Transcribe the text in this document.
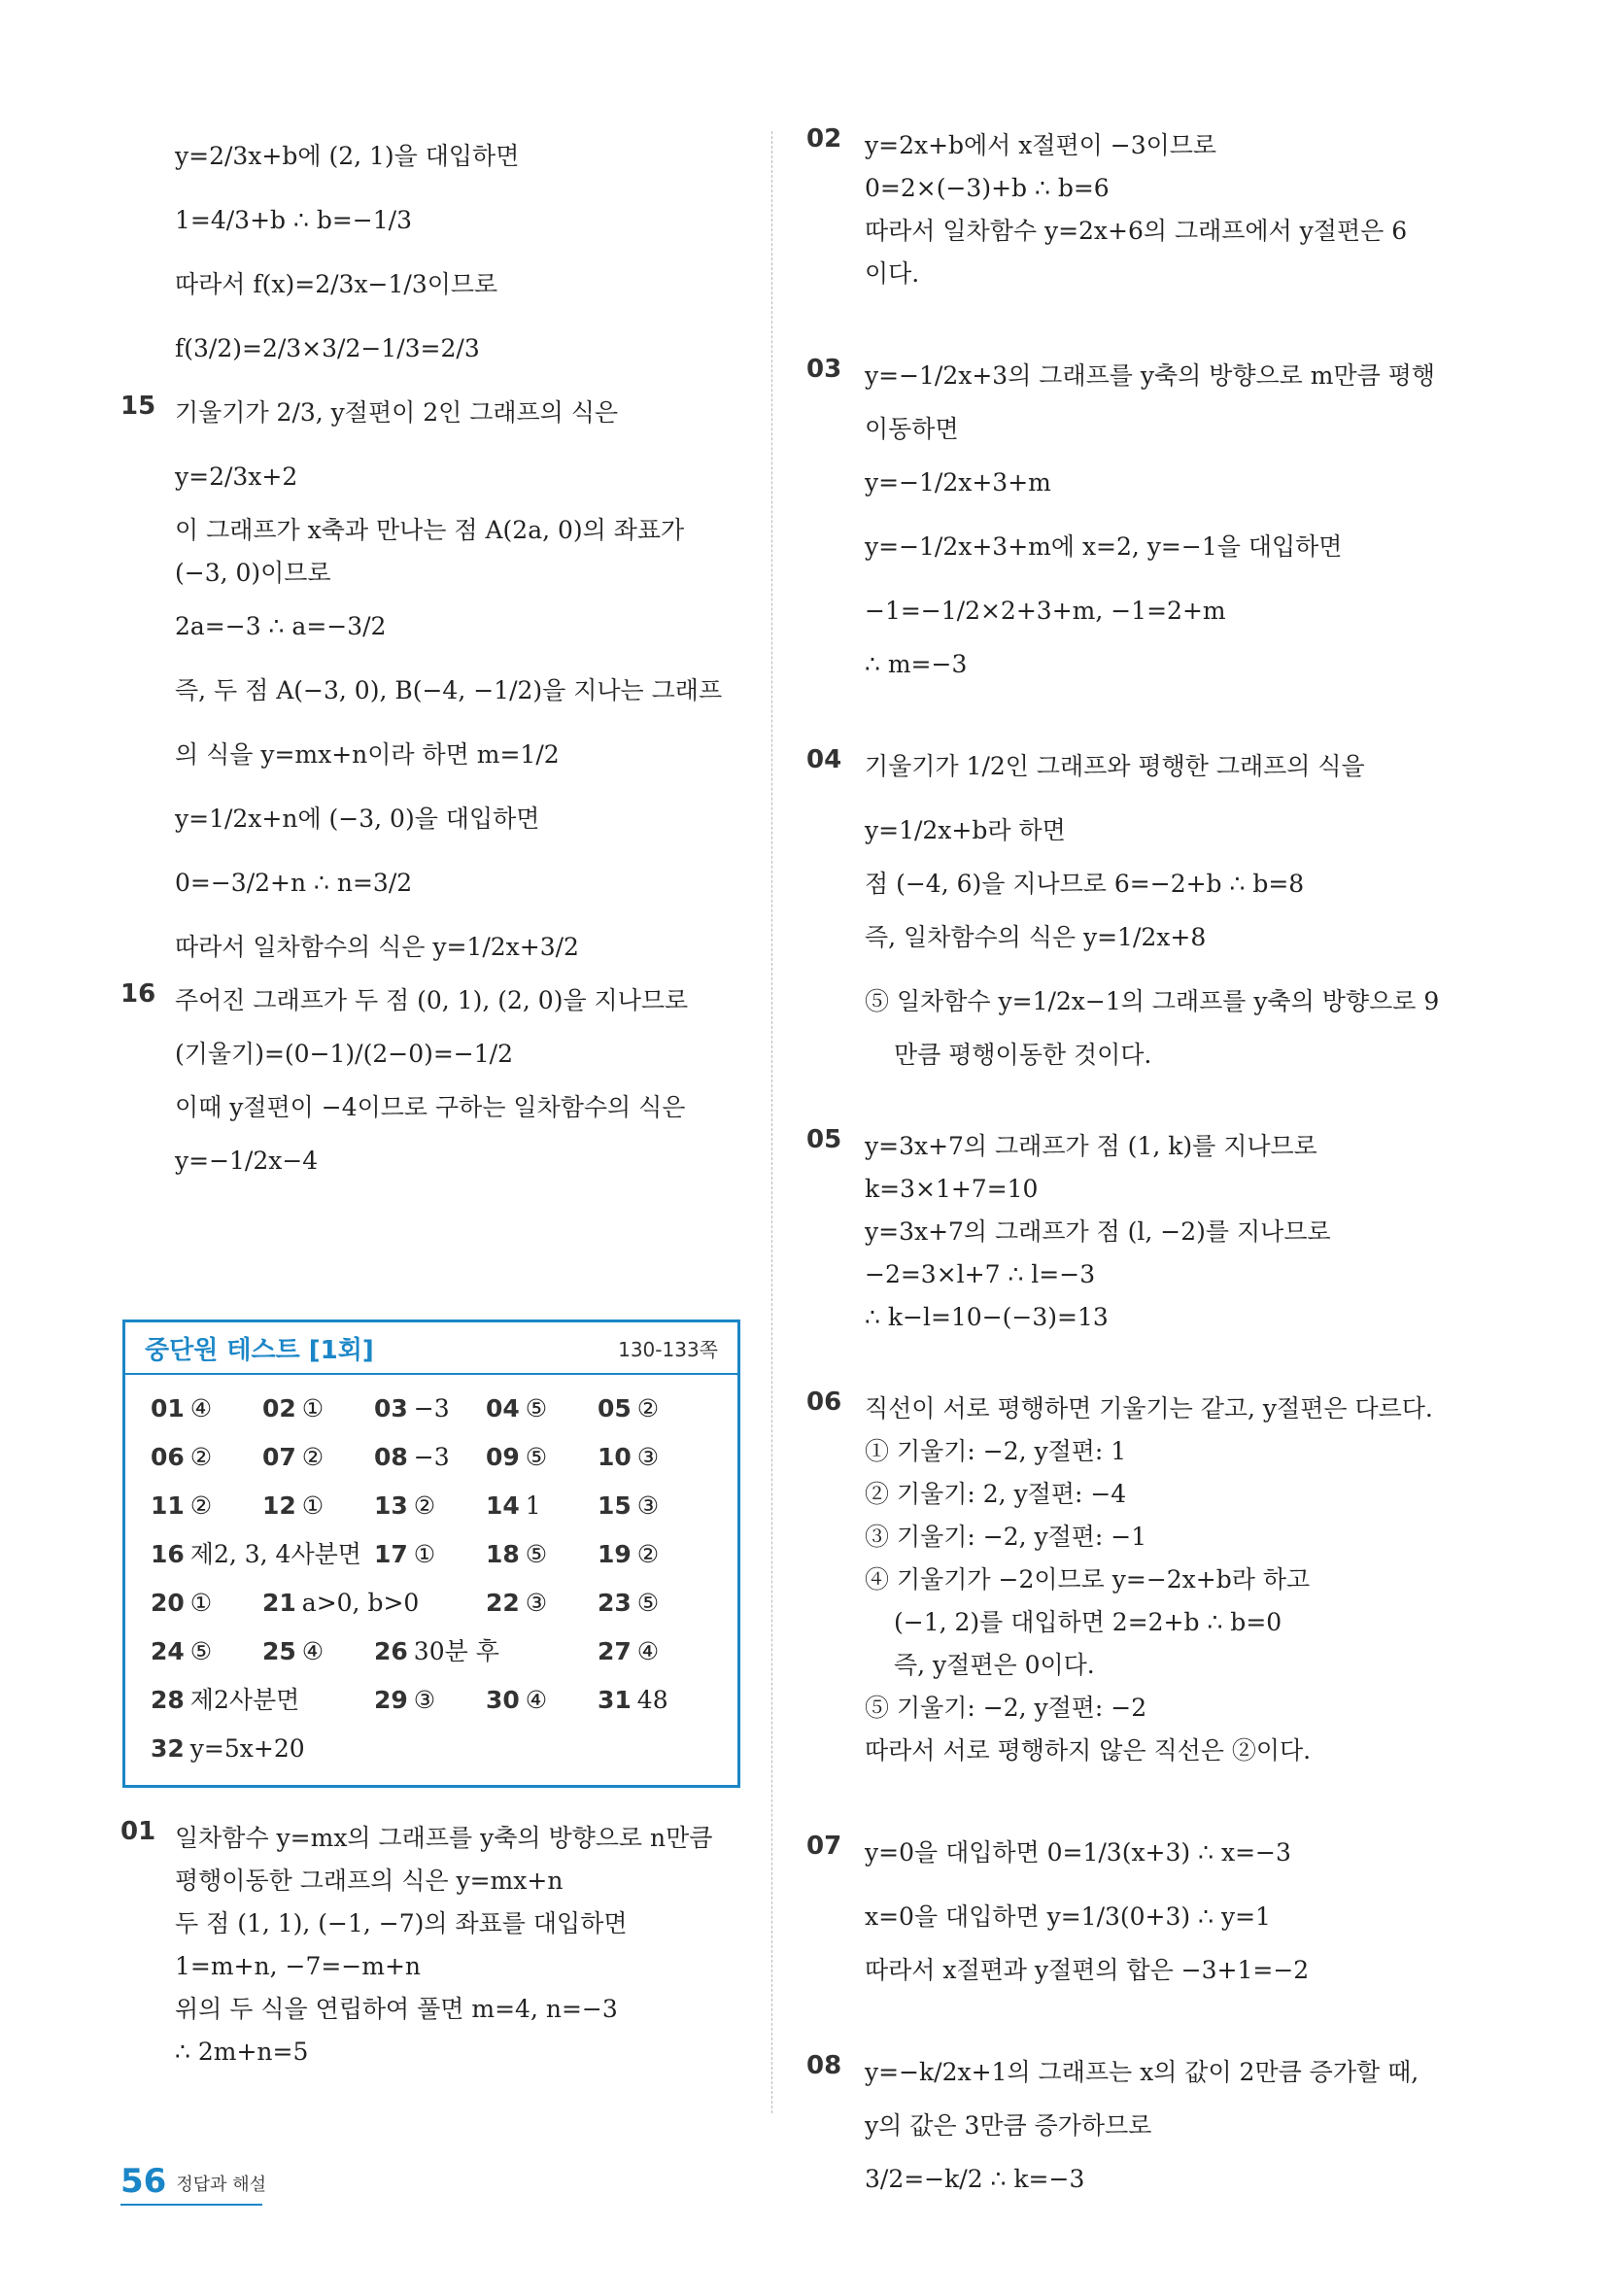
y=2/3x+b에 (2, 1)을 대입하면
1=4/3+b ∴ b=−1/3
따라서 f(x)=2/3x−1/3이므로
f(3/2)=2/3×3/2−1/3=2/3
15 기울기가 2/3, y절편이 2인 그래프의 식은
y=2/3x+2
이 그래프가 x축과 만나는 점 A(2a, 0)의 좌표가
(−3, 0)이므로
2a=−3 ∴ a=−3/2
즉, 두 점 A(−3, 0), B(−4, −1/2)을 지나는 그래프
의 식을 y=mx+n이라 하면 m=1/2
y=1/2x+n에 (−3, 0)을 대입하면
0=−3/2+n ∴ n=3/2
따라서 일차함수의 식은 y=1/2x+3/2
16 주어진 그래프가 두 점 (0, 1), (2, 0)을 지나므로
(기울기)=(0−1)/(2−0)=−1/2
이때 y절편이 −4이므로 구하는 일차함수의 식은
y=−1/2x−4
중단원 테스트 [1회]	130-133쪽
01 ④ 02 ① 03 −3 04 ⑤ 05 ②
06 ② 07 ② 08 −3 09 ⑤ 10 ③
11 ② 12 ① 13 ② 14 1 15 ③
16 제2, 3, 4사분면 17 ① 18 ⑤ 19 ②
20 ① 21 a>0, b>0	22 ③ 23 ⑤
24 ⑤ 25 ④ 26 30분 후	27 ④
28 제2사분면	29 ③ 30 ④ 31 48
32 y=5x+20
01 일차함수 y=mx의 그래프를 y축의 방향으로 n만큼
평행이동한 그래프의 식은 y=mx+n
두 점 (1, 1), (−1, −7)의 좌표를 대입하면
1=m+n, −7=−m+n
위의 두 식을 연립하여 풀면 m=4, n=−3
∴ 2m+n=5
02 y=2x+b에서 x절편이 −3이므로
0=2×(−3)+b ∴ b=6
따라서 일차함수 y=2x+6의 그래프에서 y절편은 6
이다.
03 y=−1/2x+3의 그래프를 y축의 방향으로 m만큼 평행
이동하면
y=−1/2x+3+m
y=−1/2x+3+m에 x=2, y=−1을 대입하면
−1=−1/2×2+3+m, −1=2+m
∴ m=−3
04 기울기가 1/2인 그래프와 평행한 그래프의 식을
y=1/2x+b라 하면
점 (−4, 6)을 지나므로 6=−2+b ∴ b=8
즉, 일차함수의 식은 y=1/2x+8
⑤ 일차함수 y=1/2x−1의 그래프를 y축의 방향으로 9
만큼 평행이동한 것이다.
05 y=3x+7의 그래프가 점 (1, k)를 지나므로
k=3×1+7=10
y=3x+7의 그래프가 점 (l, −2)를 지나므로
−2=3×l+7 ∴ l=−3
∴ k−l=10−(−3)=13
06 직선이 서로 평행하면 기울기는 같고, y절편은 다르다.
① 기울기: −2, y절편: 1
② 기울기: 2, y절편: −4
③ 기울기: −2, y절편: −1
④ 기울기가 −2이므로 y=−2x+b라 하고
(−1, 2)를 대입하면 2=2+b ∴ b=0
즉, y절편은 0이다.
⑤ 기울기: −2, y절편: −2
따라서 서로 평행하지 않은 직선은 ②이다.
07 y=0을 대입하면 0=1/3(x+3) ∴ x=−3
x=0을 대입하면 y=1/3(0+3) ∴ y=1
따라서 x절편과 y절편의 합은 −3+1=−2
08 y=−k/2x+1의 그래프는 x의 값이 2만큼 증가할 때,
y의 값은 3만큼 증가하므로
3/2=−k/2 ∴ k=−3
56 정답과 해설
